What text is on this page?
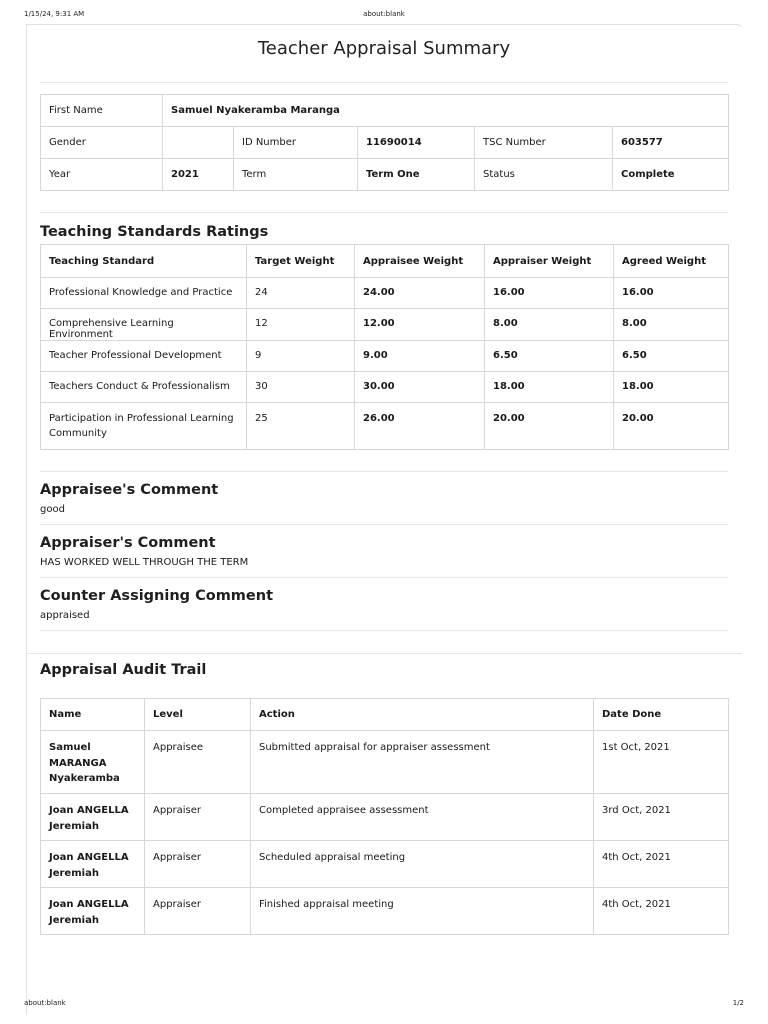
1/15/24, 9:31 AM	about:blank
Teacher Appraisal Summary
First Name	Samuel Nyakeramba Maranga				
Gender		ID Number	11690014	TSC Number	603577
Year	2021	Term	Term One	Status	Complete
Teaching Standards Ratings
Teaching Standard	Target Weight	Appraisee Weight	Appraiser Weight	Agreed Weight
Professional Knowledge and Practice	24	24.00	16.00	16.00
Comprehensive Learning Environment	12	12.00	8.00	8.00
Teacher Professional Development	9	9.00	6.50	6.50
Teachers Conduct & Professionalism	30	30.00	18.00	18.00
Participation in Professional Learning Community	25	26.00	20.00	20.00
Appraisee's Comment
good
Appraiser's Comment
HAS WORKED WELL THROUGH THE TERM
Counter Assigning Comment
appraised
Appraisal Audit Trail
Name	Level	Action	Date Done
Samuel MARANGA Nyakeramba	Appraisee	Submitted appraisal for appraiser assessment	1st Oct, 2021
Joan ANGELLA Jeremiah	Appraiser	Completed appraisee assessment	3rd Oct, 2021
Joan ANGELLA Jeremiah	Appraiser	Scheduled appraisal meeting	4th Oct, 2021
Joan ANGELLA Jeremiah	Appraiser	Finished appraisal meeting	4th Oct, 2021
about:blank	1/2
